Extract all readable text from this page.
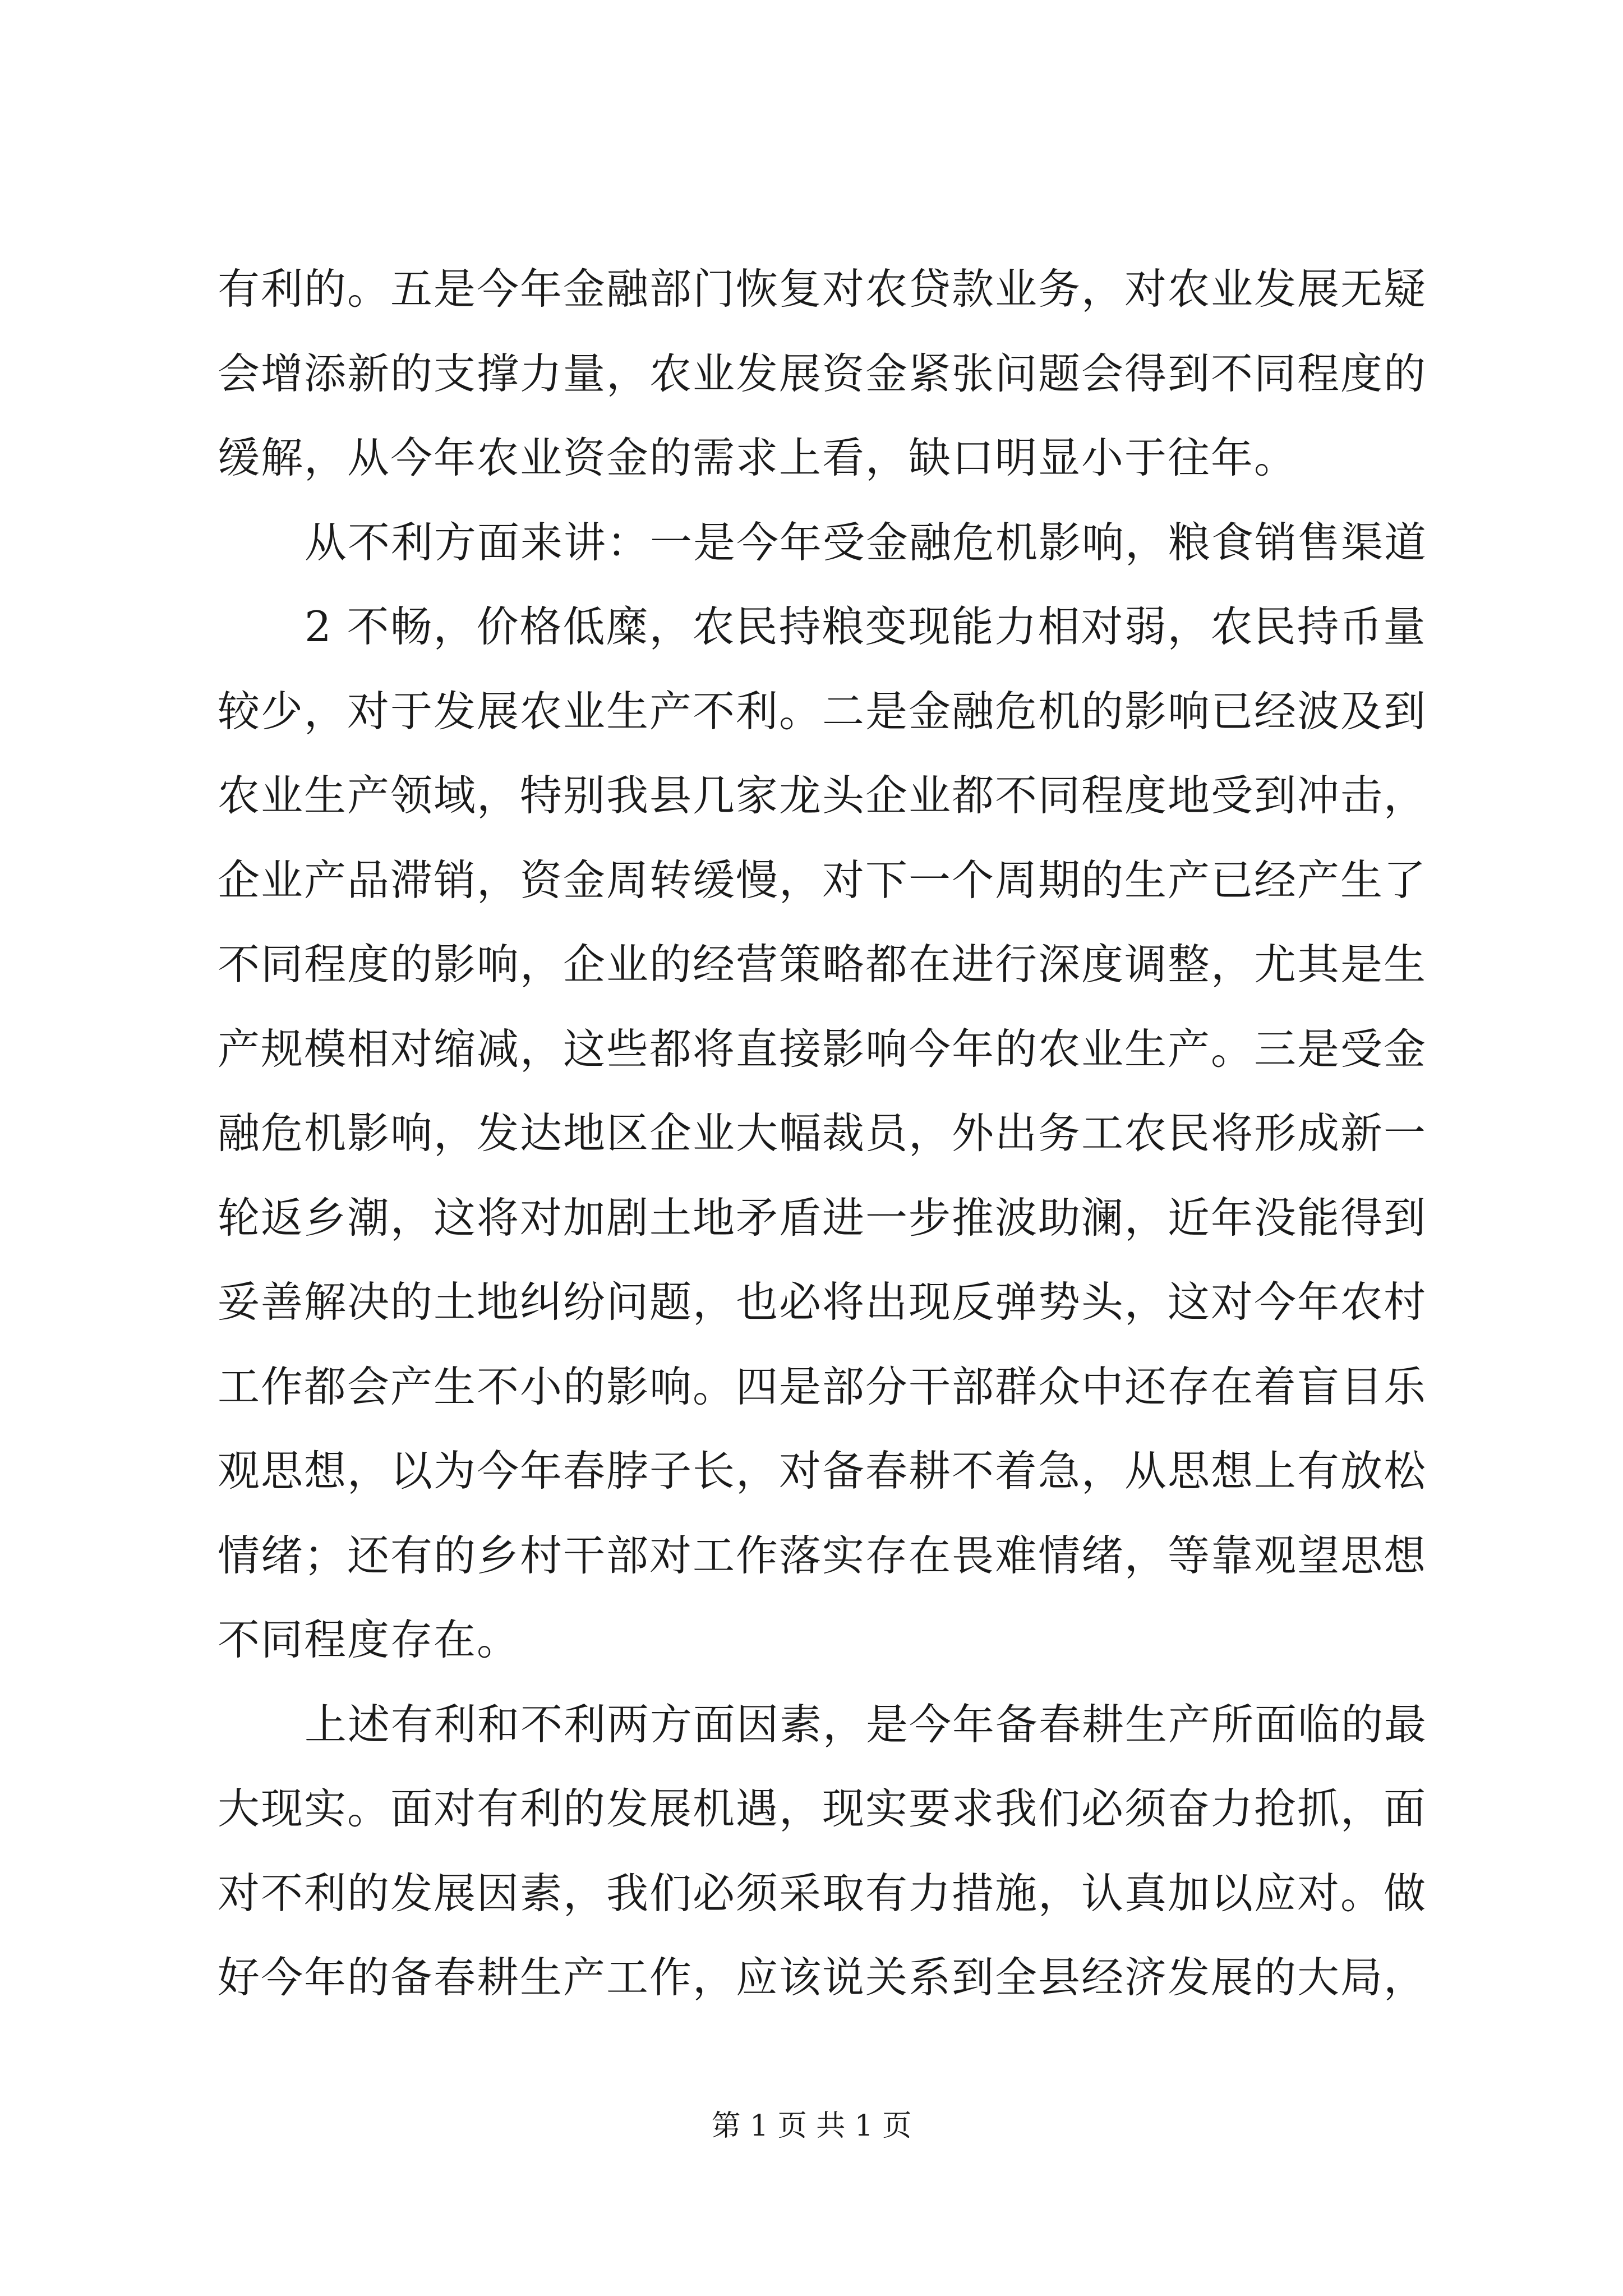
有利的。五是今年金融部门恢复对农贷款业务，对农业发展无疑
会增添新的支撑力量，农业发展资金紧张问题会得到不同程度的
缓解，从今年农业资金的需求上看，缺口明显小于往年。
从不利方面来讲：一是今年受金融危机影响，粮食销售渠道
2 不畅，价格低糜，农民持粮变现能力相对弱，农民持币量
较少，对于发展农业生产不利。二是金融危机的影响已经波及到
农业生产领域，特别我县几家龙头企业都不同程度地受到冲击，
企业产品滞销，资金周转缓慢，对下一个周期的生产已经产生了
不同程度的影响，企业的经营策略都在进行深度调整，尤其是生
产规模相对缩减，这些都将直接影响今年的农业生产。三是受金
融危机影响，发达地区企业大幅裁员，外出务工农民将形成新一
轮返乡潮，这将对加剧土地矛盾进一步推波助澜，近年没能得到
妥善解决的土地纠纷问题，也必将出现反弹势头，这对今年农村
工作都会产生不小的影响。四是部分干部群众中还存在着盲目乐
观思想，以为今年春脖子长，对备春耕不着急，从思想上有放松
情绪；还有的乡村干部对工作落实存在畏难情绪，等靠观望思想
不同程度存在。
上述有利和不利两方面因素，是今年备春耕生产所面临的最
大现实。面对有利的发展机遇，现实要求我们必须奋力抢抓，面
对不利的发展因素，我们必须采取有力措施，认真加以应对。做
好今年的备春耕生产工作，应该说关系到全县经济发展的大局，
第 1 页 共 1 页
